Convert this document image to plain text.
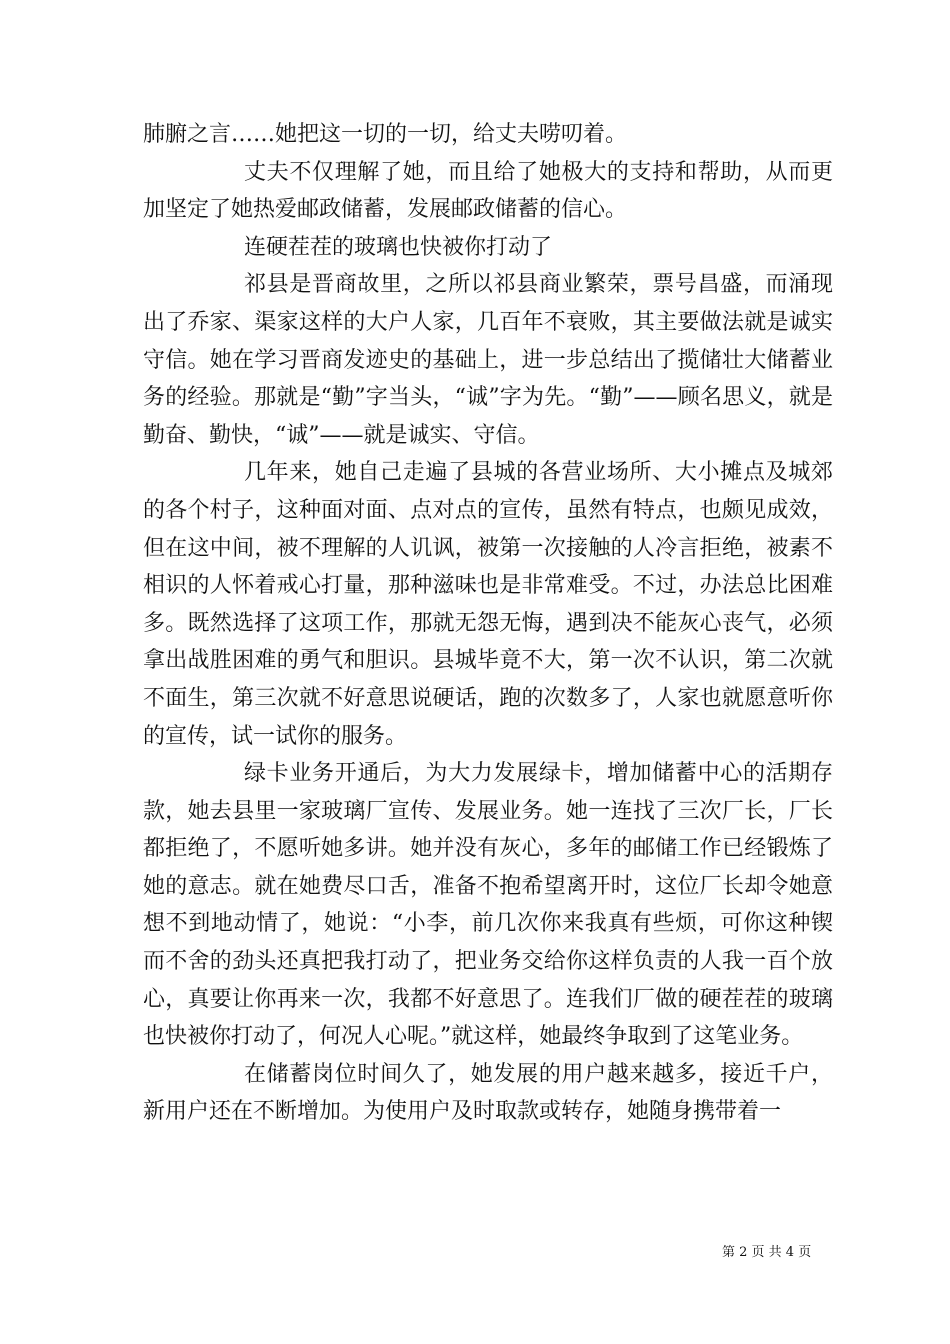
肺腑之言……她把这一切的一切，给丈夫唠叨着。

丈夫不仅理解了她，而且给了她极大的支持和帮助，从而更加坚定了她热爱邮政储蓄，发展邮政储蓄的信心。

连硬茬茬的玻璃也快被你打动了

祁县是晋商故里，之所以祁县商业繁荣，票号昌盛，而涌现出了乔家、渠家这样的大户人家，几百年不衰败，其主要做法就是诚实守信。她在学习晋商发迹史的基础上，进一步总结出了揽储壮大储蓄业务的经验。那就是“勤”字当头，“诚”字为先。“勤”——顾名思义，就是勤奋、勤快，“诚”——就是诚实、守信。

几年来，她自己走遍了县城的各营业场所、大小摊点及城郊的各个村子，这种面对面、点对点的宣传，虽然有特点，也颇见成效，但在这中间，被不理解的人讥讽，被第一次接触的人冷言拒绝，被素不相识的人怀着戒心打量，那种滋味也是非常难受。不过，办法总比困难多。既然选择了这项工作，那就无怨无悔，遇到决不能灰心丧气，必须拿出战胜困难的勇气和胆识。县城毕竟不大，第一次不认识，第二次就不面生，第三次就不好意思说硬话，跑的次数多了，人家也就愿意听你的宣传，试一试你的服务。

绿卡业务开通后，为大力发展绿卡，增加储蓄中心的活期存款，她去县里一家玻璃厂宣传、发展业务。她一连找了三次厂长，厂长都拒绝了，不愿听她多讲。她并没有灰心，多年的邮储工作已经锻炼了她的意志。就在她费尽口舌，准备不抱希望离开时，这位厂长却令她意想不到地动情了，她说：“小李，前几次你来我真有些烦，可你这种锲而不舍的劲头还真把我打动了，把业务交给你这样负责的人我一百个放心，真要让你再来一次，我都不好意思了。连我们厂做的硬茬茬的玻璃也快被你打动了，何况人心呢。”就这样，她最终争取到了这笔业务。

在储蓄岗位时间久了，她发展的用户越来越多，接近千户，新用户还在不断增加。为使用户及时取款或转存，她随身携带着一

第 2 页 共 4 页
